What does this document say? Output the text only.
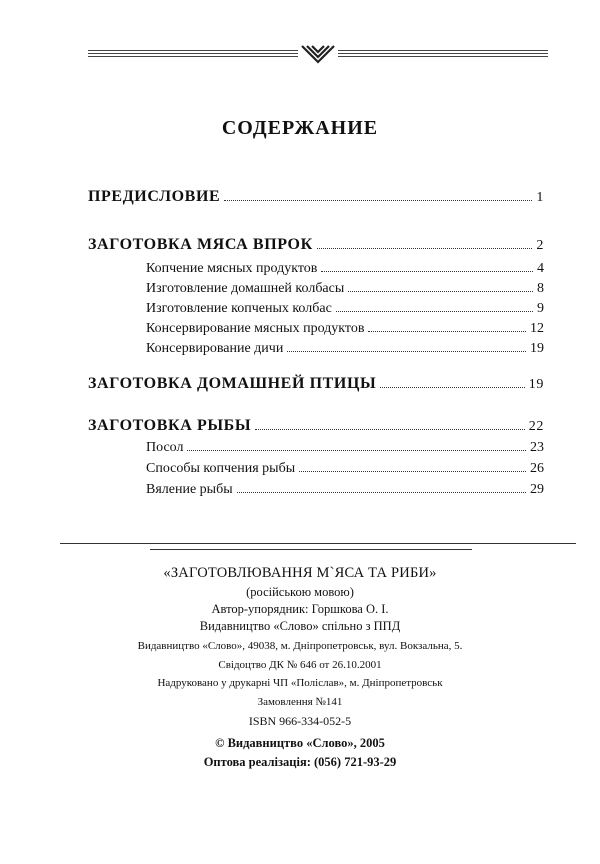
СОДЕРЖАНИЕ
ПРЕДИСЛОВИЕ	1
ЗАГОТОВКА МЯСА ВПРОК	2
Копчение мясных продуктов	4
Изготовление домашней колбасы	8
Изготовление копченых колбас	9
Консервирование мясных продуктов	12
Консервирование дичи	19
ЗАГОТОВКА ДОМАШНЕЙ ПТИЦЫ	19
ЗАГОТОВКА РЫБЫ	22
Посол	23
Способы копчения рыбы	26
Вяление рыбы	29
«ЗАГОТОВЛЮВАННЯ М`ЯСА ТА РИБИ»
(російською мовою)
Автор-упорядник: Горшкова О. І.
Видавництво «Слово» спільно з ППД
Видавництво «Слово», 49038, м. Дніпропетровськ, вул. Вокзальна, 5.
Свідоцтво ДК № 646 от 26.10.2001
Надруковано у друкарні ЧП «Поліслав», м. Дніпропетровськ
Замовлення №141
ISBN 966-334-052-5
© Видавництво «Слово», 2005
Оптова реалізація: (056) 721-93-29
